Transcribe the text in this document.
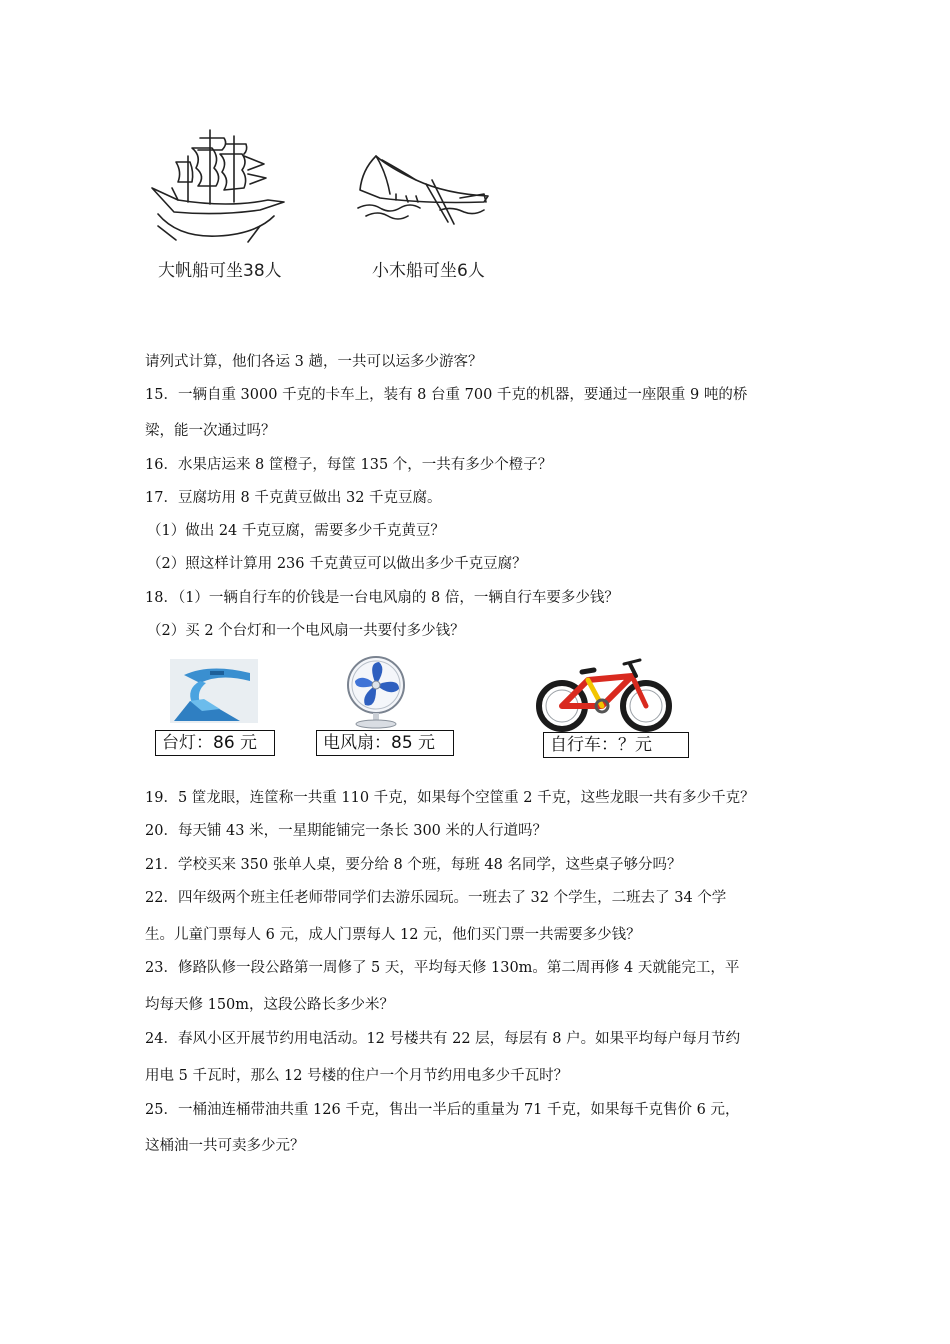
大帆船可坐38人	小木船可坐6人
请列式计算，他们各运 3 趟，一共可以运多少游客？
15．一辆自重 3000 千克的卡车上，装有 8 台重 700 千克的机器，要通过一座限重 9 吨的桥
梁，能一次通过吗？
16．水果店运来 8 筐橙子，每筐 135 个，一共有多少个橙子？
17．豆腐坊用 8 千克黄豆做出 32 千克豆腐。
（1）做出 24 千克豆腐，需要多少千克黄豆？
（2）照这样计算用 236 千克黄豆可以做出多少千克豆腐？
18．（1）一辆自行车的价钱是一台电风扇的 8 倍，一辆自行车要多少钱？
（2）买 2 个台灯和一个电风扇一共要付多少钱？
台灯：86 元	电风扇：85 元	自行车：？元
19．5 筐龙眼，连筐称一共重 110 千克，如果每个空筐重 2 千克，这些龙眼一共有多少千克？
20．每天铺 43 米，一星期能铺完一条长 300 米的人行道吗？
21．学校买来 350 张单人桌，要分给 8 个班，每班 48 名同学，这些桌子够分吗？
22．四年级两个班主任老师带同学们去游乐园玩。一班去了 32 个学生，二班去了 34 个学
生。儿童门票每人 6 元，成人门票每人 12 元，他们买门票一共需要多少钱？
23．修路队修一段公路第一周修了 5 天，平均每天修 130m。第二周再修 4 天就能完工，平
均每天修 150m，这段公路长多少米？
24．春风小区开展节约用电活动。12 号楼共有 22 层，每层有 8 户。如果平均每户每月节约
用电 5 千瓦时，那么 12 号楼的住户一个月节约用电多少千瓦时？
25．一桶油连桶带油共重 126 千克，售出一半后的重量为 71 千克，如果每千克售价 6 元，
这桶油一共可卖多少元？
